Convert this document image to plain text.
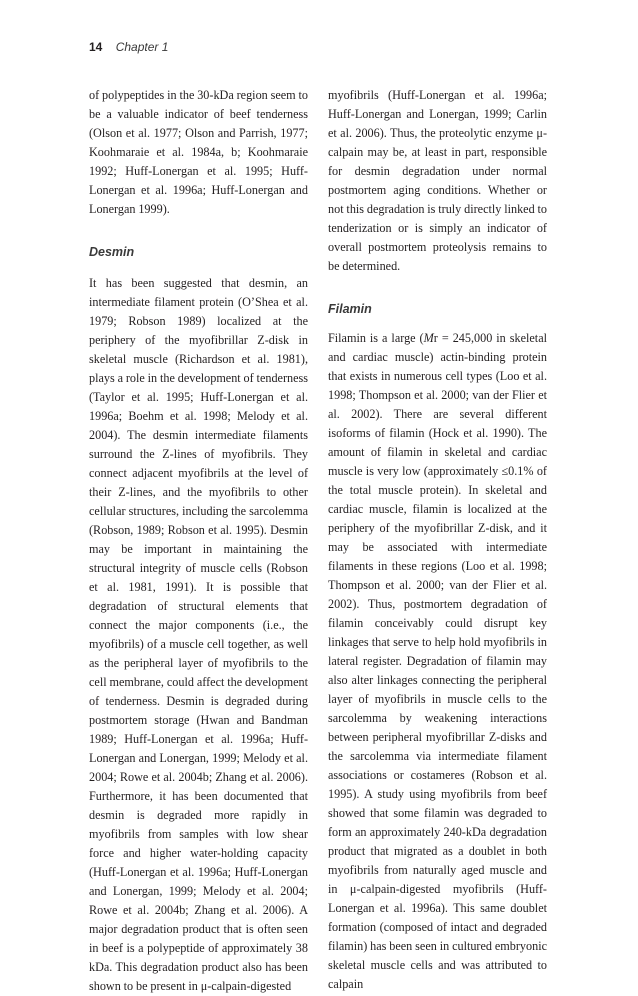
14 Chapter 1

of polypeptides in the 30-kDa region seem to be a valuable indicator of beef tenderness (Olson et al. 1977; Olson and Parrish, 1977; Koohmaraie et al. 1984a, b; Koohmaraie 1992; Huff-Lonergan et al. 1995; Huff-Lonergan et al. 1996a; Huff-Lonergan and Lonergan 1999).

Desmin

It has been suggested that desmin, an intermediate filament protein (O’Shea et al. 1979; Robson 1989) localized at the periphery of the myofibrillar Z-disk in skeletal muscle (Richardson et al. 1981), plays a role in the development of tenderness (Taylor et al. 1995; Huff-Lonergan et al. 1996a; Boehm et al. 1998; Melody et al. 2004). The desmin intermediate filaments surround the Z-lines of myofibrils. They connect adjacent myofibrils at the level of their Z-lines, and the myofibrils to other cellular structures, including the sarcolemma (Robson, 1989; Robson et al. 1995). Desmin may be important in maintaining the structural integrity of muscle cells (Robson et al. 1981, 1991). It is possible that degradation of structural elements that connect the major components (i.e., the myofibrils) of a muscle cell together, as well as the peripheral layer of myofibrils to the cell membrane, could affect the development of tenderness. Desmin is degraded during postmortem storage (Hwan and Bandman 1989; Huff-Lonergan et al. 1996a; Huff-Lonergan and Lonergan, 1999; Melody et al. 2004; Rowe et al. 2004b; Zhang et al. 2006). Furthermore, it has been documented that desmin is degraded more rapidly in myofibrils from samples with low shear force and higher water-holding capacity (Huff-Lonergan et al. 1996a; Huff-Lonergan and Lonergan, 1999; Melody et al. 2004; Rowe et al. 2004b; Zhang et al. 2006). A major degradation product that is often seen in beef is a polypeptide of approximately 38 kDa. This degradation product also has been shown to be present in μ-calpain-digested

myofibrils (Huff-Lonergan et al. 1996a; Huff-Lonergan and Lonergan, 1999; Carlin et al. 2006). Thus, the proteolytic enzyme μ-calpain may be, at least in part, responsible for desmin degradation under normal postmortem aging conditions. Whether or not this degradation is truly directly linked to tenderization or is simply an indicator of overall postmortem proteolysis remains to be determined.

Filamin

Filamin is a large (Mr = 245,000 in skeletal and cardiac muscle) actin-binding protein that exists in numerous cell types (Loo et al. 1998; Thompson et al. 2000; van der Flier et al. 2002). There are several different isoforms of filamin (Hock et al. 1990). The amount of filamin in skeletal and cardiac muscle is very low (approximately ≤0.1% of the total muscle protein). In skeletal and cardiac muscle, filamin is localized at the periphery of the myofibrillar Z-disk, and it may be associated with intermediate filaments in these regions (Loo et al. 1998; Thompson et al. 2000; van der Flier et al. 2002). Thus, postmortem degradation of filamin conceivably could disrupt key linkages that serve to help hold myofibrils in lateral register. Degradation of filamin may also alter linkages connecting the peripheral layer of myofibrils in muscle cells to the sarcolemma by weakening interactions between peripheral myofibrillar Z-disks and the sarcolemma via intermediate filament associations or costameres (Robson et al. 1995). A study using myofibrils from beef showed that some filamin was degraded to form an approximately 240-kDa degradation product that migrated as a doublet in both myofibrils from naturally aged muscle and in μ-calpain-digested myofibrils (Huff-Lonergan et al. 1996a). This same doublet formation (composed of intact and degraded filamin) has been seen in cultured embryonic skeletal muscle cells and was attributed to calpain
